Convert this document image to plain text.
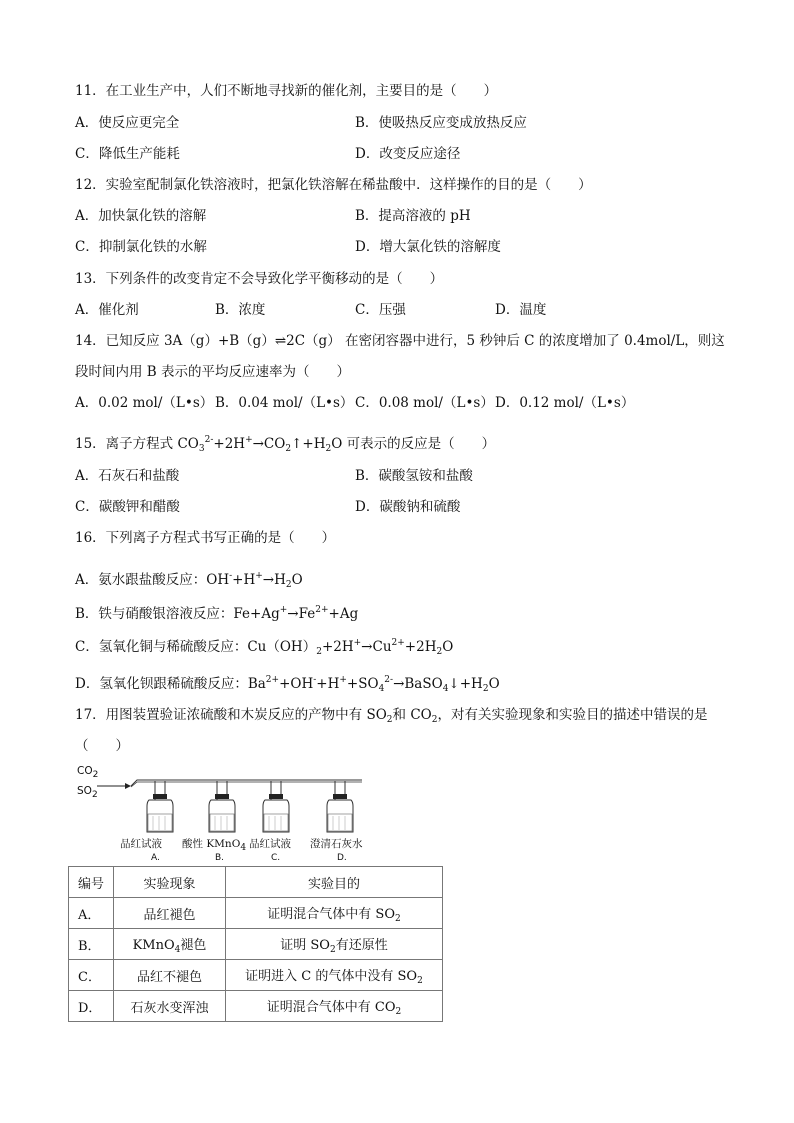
11．在工业生产中，人们不断地寻找新的催化剂，主要目的是（　　）
A．使反应更完全	B．使吸热反应变成放热反应
C．降低生产能耗	D．改变反应途径
12．实验室配制氯化铁溶液时，把氯化铁溶解在稀盐酸中．这样操作的目的是（　　）
A．加快氯化铁的溶解	B．提高溶液的 pH
C．抑制氯化铁的水解	D．增大氯化铁的溶解度
13．下列条件的改变肯定不会导致化学平衡移动的是（　　）
A．催化剂	B．浓度	C．压强	D．温度
14．已知反应 3A（g）+B（g）⇌2C（g） 在密闭容器中进行，5 秒钟后 C 的浓度增加了 0.4mol/L，则这
段时间内用 B 表示的平均反应速率为（　　）
A．0.02 mol/（L•s） B．0.04 mol/（L•s） C．0.08 mol/（L•s） D．0.12 mol/（L•s）
15．离子方程式 $CO_3^{2-}+2H^+\to CO_2↑+H_2O$ 可表示的反应是（　　）
A．石灰石和盐酸	B．碳酸氢铵和盐酸
C．碳酸钾和醋酸	D．碳酸钠和硫酸
16．下列离子方程式书写正确的是（　　）
A．氨水跟盐酸反应：$OH^-+H^+\to H_2O$
B．铁与硝酸银溶液反应：$Fe+Ag^+\to Fe^{2+}+Ag$
C．氢氧化铜与稀硫酸反应：$Cu(OH)_2+2H^+\to Cu^{2+}+2H_2O$
D．氢氧化钡跟稀硫酸反应：$Ba^{2+}+OH^-+H^++SO_4^{2-}\to BaSO_4↓+H_2O$
17．用图装置验证浓硫酸和木炭反应的产物中有 $SO_2$和 $CO_2$，对有关实验现象和实验目的描述中错误的是
（　　）
$CO_2$
$SO_2$
品红试液 酸性 KMnO$_4$ 品红试液 澄清石灰水
A.	B.	C.	D.
编号	实验现象	实验目的
A．	品红褪色	证明混合气体中有 $SO_2$
B．	KMnO$_4$褪色	证明 $SO_2$有还原性
C．	品红不褪色	证明进入 C 的气体中没有 $SO_2$
D．	石灰水变浑浊	证明混合气体中有 $CO_2$
